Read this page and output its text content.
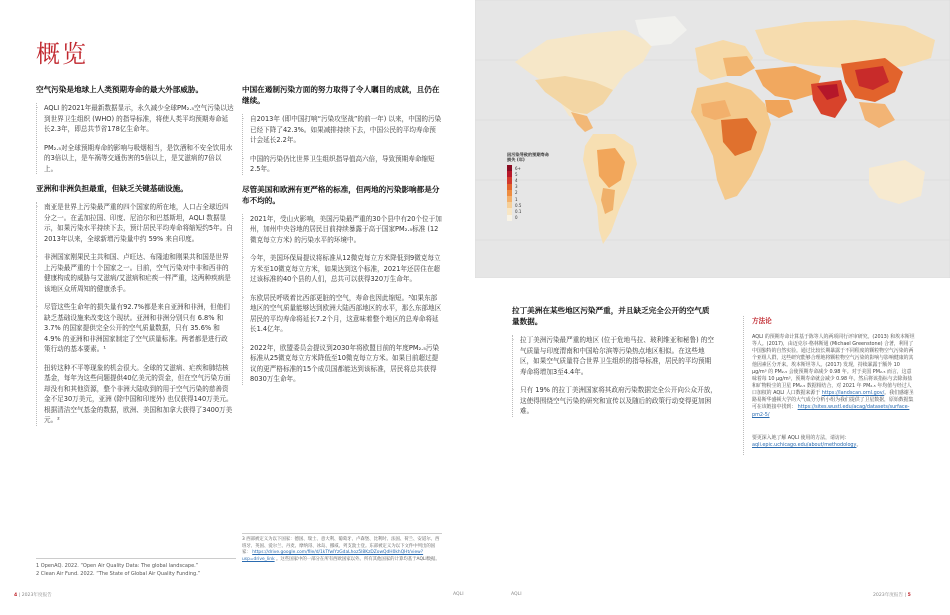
概览
空气污染是地球上人类预期寿命的最大外部威胁。
· AQLI 的2021年最新数据显示，永久减少全球PM₂.₅空气污染以达到世界卫生组织 (WHO) 的指导标准，将使人类平均预期寿命延长2.3年，即总共节省178亿生命年。
· PM₂.₅对全球预期寿命的影响与吸烟相当，是饮酒和不安全饮用水的3倍以上，是车祸等交通伤害的5倍以上，是艾滋病的7倍以上。
亚洲和非洲负担最重，但缺乏关键基础设施。
· 南亚是世界上污染最严重的四个国家的所在地，人口占全球近四分之一。在孟加拉国、印度、尼泊尔和巴基斯坦，AQLI 数据显示，如果污染水平持续下去，预计居民平均寿命将缩短约5年。自2013年以来，全球新增污染量中约 59% 来自印度。
· 非洲国家刚果民主共和国、卢旺达、布隆迪和刚果共和国是世界上污染最严重的十个国家之一。目前，空气污染对中非和西非的健康构成的威胁与艾滋病/艾滋病和疟疾一样严重，这两种疾病是该地区众所周知的健康杀手。
· 尽管这些生命年的损失量有92.7%都是来自亚洲和非洲，但他们缺乏基础设施来改变这个现状。亚洲和非洲分别只有 6.8% 和 3.7% 的国家提供完全公开的空气质量数据，只有 35.6% 和 4.9% 的亚洲和非洲国家制定了空气质量标准。两者都是进行政策行动的基本要素。¹
· 扭转这种不平等现象的机会很大。全球的艾滋病、疟疾和肺结核基金，每年为这些问题提供40亿美元的资金，但在空气污染方面却没有和其他资源，整个非洲大陆收到的用于空气污染的慈善资金不足30万美元，亚洲 (除中国和印度外) 也仅获得140万美元。根据清洁空气基金的数据，欧洲、美国和加拿大获得了3400万美元。²
中国在遏制污染方面的努力取得了令人瞩目的成就，且仍在继续。
· 自2013年 (即中国打响“污染攻坚战”的前一年) 以来，中国的污染已经下降了42.3%。如果减排持续下去，中国公民的平均寿命预计会延长2.2年。
· 中国的污染仍比世界卫生组织指导值高六倍，导致预期寿命缩短2.5年。
尽管美国和欧洲有更严格的标准，但两地的污染影响都是分布不均的。
· 2021年，受山火影响，美国污染最严重的30个县中有20个位于加州，加州中央谷地的居民目前持续暴露于高于国家PM₂.₅标准 (12微克每立方米) 的污染水平的环境中。
· 今年，美国环保局提议将标准从12微克每立方米降低到9微克每立方米至10微克每立方米，如果达到这个标准，2021年还居住在超过该标准的40个县的人们，总共可以获得320万生命年。
· 东欧居民呼吸着比西部更脏的空气，寿命也因此缩短。³如果东部地区的空气质量能够达到欧洲大陆西部地区的水平，那么东部地区居民的平均寿命将延长7.2个月，这意味着整个地区的总寿命将延长1.4亿年。
· 2022年，欧盟委员会提议到2030年将欧盟目前的年度PM₂.₅污染标准从25微克每立方米降低至10微克每立方米。如果目前超过提议的更严格标准的15个成员国都能达到该标准，居民将总共获得8030万生命年。
3 西部被定义为以下国家：德国、瑞士、意大利、葡萄牙、卢森堡、比利时、法国、荷兰、安道尔、西班牙、英国、爱尔兰、丹麦、摩纳哥、冰岛、挪威、列支敦士登。东部被定义为以下文件中列出的国家： https://drive.google.com/file/d/1kTfwlYzGdaLhoz5l8KzDZowQdH0khQHt/view?usp=drive_link 。这些国家中的一部分在所有西欧国家以外。所有其他国家的计算均基于AQLI数据。
1 OpenAQ. 2022. “Open Air Quality Data: The global landscape.”
2 Clean Air Fund. 2022. “The State of Global Air Quality Funding.”
4 | 2023年度报告	AQLI
因污染导致的预期寿命损失 (年)
6+
5
4
3
2
1
0.5
0.1
0
拉丁美洲在某些地区污染严重，并且缺乏完全公开的空气质量数据。
· 拉丁美洲污染最严重的地区 (位于危地马拉、玻利维亚和秘鲁) 的空气质量与印度渭南和中国哈尔滨等污染热点地区相似。在这些地区，如果空气质量符合世界卫生组织的指导标准，居民的平均预期寿命将增加3至4.4年。
· 只有 19% 的拉丁美洲国家将其政府污染数据完全公开向公众开放，这使得围绕空气污染的研究和宣传以及随后的政策行动变得更加困难。
方法论

AQLI 的预期寿命计算基于陈等人的两项同行评审研究。(2013) 和埃本斯坦等人。(2017)，由迈克尔·格林斯通 (Michael Greenstone) 合著，利用了中国独特的自然实验。通过比较长期暴露于不同程度的颗粒物空气污染的两个亚组人群，这些研究能够合理地将颗粒物空气污染的影响与影响健康的其他因素区分开来。埃本斯坦等人。(2017) 发现，持续暴露于额外 10 μg/m³ 的 PM₂.₅ 会使预期寿命减少 0.98 年。对于美国 PM₂.₅ 而言，这意味着每 10 μg/m³，预期寿命就会减少 0.98 年。然后将该指标与去除海盐和矿物粉尘的卫星 PM₂.₅ 数据相结合，对 2021 年 PM₂.₅ 年均值与经过人口加权的 AQLI 人口数据来源于 https://landscan.ornl.gov/。我们感谢圣路易斯华盛顿大学的大气成分分析小组为我们提供了卫星数据，原始数据集可在该链接中找到： https://sites.wustl.edu/acag/datasets/surface-pm2-5/

要更深入地了解 AQLI 使用的方法，请访问： aqli.epic.uchicago.edu/about/methodology。

AQLI	2023年度报告 | 5
